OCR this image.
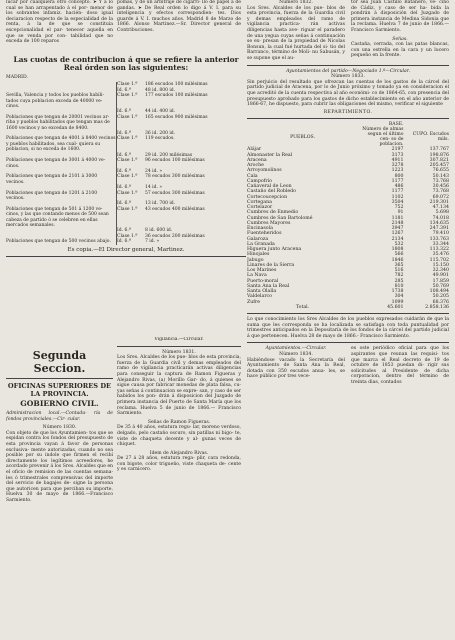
lucar por cualquiera otro concepto. ➤ Y a lo cual se han arrapentado á el por- menor de los sobrantes infamiz. hacién- doso igual deciaracion respecto de la especialidad de la renta, á la de que se constituía excepcionalidad el par- tenecer aquella en que se venda por con- tabilidad que no exceda de 100 reparos

pomas, y de un arbitraje de cigarri- llo de papel á de gandas. ➤ De Real orden lo digo á V. I. para su inteligencia y efectos correspondien- tes. Dios guarde á V. I. muchos años. Madrid 8 de Marzo de 1866. Alonso Martinez.—Sr. Director general de Contribuciones.

Las cuotas de contribucion á que se refiere la anterior Real órden son las siguientes:

MADRID.

	Clase 1.ª	186 escudos 100 milésimas
	Id. 6.ª	48 id. 800 id.
Sevilla, Valencia y todos los pueblos habili- tados cuya poblacion exceda de 40000 ve- cinos.	Clase 1.ª	177 escudos 100 milésimas
	Id. 6.ª	44 id. 400 id.
Poblaciones que tengan de 20001 vecinos ar- riba y pueblos habilitados que tengan mas de 1600 vecinos y no excedan de 8400.	Clase 1.ª	165 escudos 900 milésimas
	Id. 6.ª	36 id. 200 id.
Poblaciones que tengan de 4001 á 8400 vecinos y pueblos habilitados, sea cual- quiera su poblacion, si no exceda de 1600.	Clase 1.ª	119 escudos.
	Id. 6.ª	29 id. 200 milésimas
Poblaciones que tengan de 3001 á 4000 ve- cinos.	Clase 1.ª	96 escudos 100 milésimas
	Id. 6.ª	24 id. »
Poblaciones que tengan de 2101 á 3000 vecinos.	Clase 1.ª	78 escudos 300 milésimas
	Id. 6.ª	14 id. »
Poblaciones que tengan de 1201 á 2100 vecinos.	Clase 1.ª	57 escudos 300 milésimas
	Id. 6.ª	13 id. 700 id.
Poblaciones que tengan de 501 á 1200 ve- cinos, y las que contando menos de 500 sean cabeza de partido ó se celebren en ellas mercados semanales.	Clase 1.ª	43 escudos 400 milésimas
	Id. 6.ª	8 id. 600 id.
	Clase 1.ª	36 escudos 200 milésimas
Poblaciones que tengan de 500 vecinos abajo.	Id. 6.ª	7 id. »

Es copia.—El Director general, Martinez.

Segunda Seccion.

OFICINAS SUPERIORES DE LA PROVINCIA.

GOBIERNO CIVIL.

Administracion local.—Contadu- ría de fondos provinciales.—Cir- cular.

Número 1830.

Con objeto de que los Ayuntamien- tos que se espidan contra los fondos del presupuesto de esta provincia vayan á favor de personas exclusiva- mente autorizadas, cuando no sea posible por su índole que firmen el recibí directamente los legítimos acreedores, he acordado prevenir á los Sres. Alcaldes que en el oficio de remision de las cuentas semana- les ó trimestrales comprensivas del importe del servicio de bagajes de- signe la persona que autoricen para que perciban su importe. Huelva 30 de mayo de 1866.—Francisco Sarmiento.

Vigilancia.—Circular.

Número 1831.

Los Sres. Alcaldes de los pue- blos de esta provincia, fuerza de la Guardia civil y demas empleados del ramo de vigilancia practicarán activas diligencias para conseguir la captura de Ramon Figueras y Alejandro Rivas, (a) Morillo Gar- do, á quienes se sigue causa por fabricar monedas de plata falsa, cu- yas señas á continuacion se expre- san, y caso de ser habidos los pon- drán á disposicion del Juzgado de primera instancia del Puerto de Santa María que los reclama. Huelva 5 de junio de 1866.— Francisco Sarmiento.

Señas de Ramon Figueras.

De 35 á 40 años, estatura regu- lar, moreno verdoso, delgado, pelo castaño oscuro, sin patillas ni bigo- te, viste de chaqueta decente y al- gunas veces de chiquet.

Idem de Alejandro Rivas.

De 27 á 28 años, estatura rega- plir, cara redonda, con bigote, color trigueño, viste chaqueta de- cente y es carnicero.

Número 1832.

Los Sres. Alcaldes de los pue- blos de esta provincia, fuerza de la Guardia civil y demas empleados del ramo de vigilancia practica- rán activas diligencias hasta ave- riguar el paradero de una yegua cuyas señas á continuación se ex- presan de la propiedad de Nicolas Bonsun, la cual fué hurtada del si- tio del Barranco, término de Moli- nu Sabusán, y se supone que el au-

tor sea Juan Castillo Batanero, ve- cino de Cádiz, y caso de ser ha- bida la pondrán á disposición del Juzgado de primera instancia de Medina Sidonia que la reclama. Huelva 7 de junio de 1866.— Francisco Sarmiento.

Señas.

Castaña, cerrada, con las patas blancas, con una estrella en la cara y un lucero pequeño en la frente.

Ayuntamientos del partido—Negociado 1.º—Circular.

Número 1833.

Sin perjuicio del resultado que ofrezcan las cuentas de los gastos de la cárcel del partido judicial de Aracena, por lo de Junio próximo y tomado ya en consideracion el que acreditó de la cuenta respectiva al año económi- co de 1864-65, con presencia del presupuesto aprobado para los gastos de dicho establecimiento en el año anterior de 1866-67, he dispuesto, para cubrir las obligaciones del mismo, verificar el siguiente

REPARTIMIENTO.

	BASE.	
PUEBLOS.	Número de almas segun el último cen- so de poblacion.	CUPO. Escudos mils.
Alájar	2197	137.767
Almonaster la Real	3173	198.876
Aracena	4911	307.821
Aroche	3278	205.457
Arroyomolinos	1223	76.655
Cala	800	50.143
Campofrío	1177	73.768
Cañaveral de Leon	486	30.456
Castaño del Robledo	1177	73.768
Cortecoucepcion	1102	69.072
Cortegana	3504	219.301
Cortelazor	752	47.134
Cumbres de Enmedio	91	5.698
Cumbres de San Bartolomé	1181	74.018
Cumbres Mayores	2148	134.635
Encinasola	3947	247.391
Fuenteheridos	1267	79.410
Galaroza	2134	133.763
La Granada	532	33.344
Higuera junto Aracena	1808	113.322
Hinojales	566	35.476
Jabugo	1846	115.702
Linares de la Sierra	365	15.150
Los Marines	516	32.340
La Nava	782	49.901
Puerto-moral	285	17.859
Santa Ana la Real	810	50.769
Santa Olalla	1738	108.494
Valdelarco	304	50.205
Zufre	1099	68.376
Total.	45.601	2.858.136

Lo que conocimiento los Sres Alcaldes de los pueblos expresados cuidarán de que la suma que les corresponda se ha localizada se satisfaga con toda puntualidad por trimestres anticipados en la Depositaría de los fondos de la cárcel del partido judicial á que pertenecen. Huelva 28 de mayo de 1866.- Francisco Sarmiento.

Ayuntamientos.—Circular.

Número 1834.

Habiéndose vacado la Secretaría del Ayuntamiento de Santa Ana la Real, dotada con 350 escudos anua- les, se hace público por tres vece-

es oste periódico oficial para que los aspirantes que reunan las requisi- tos que marca el Real decreto de 19 de octubre de 1853 puedan di- rigir sus solicitudes al Presidente de dicha corporacion, dentro del término de treinta dias, contados
